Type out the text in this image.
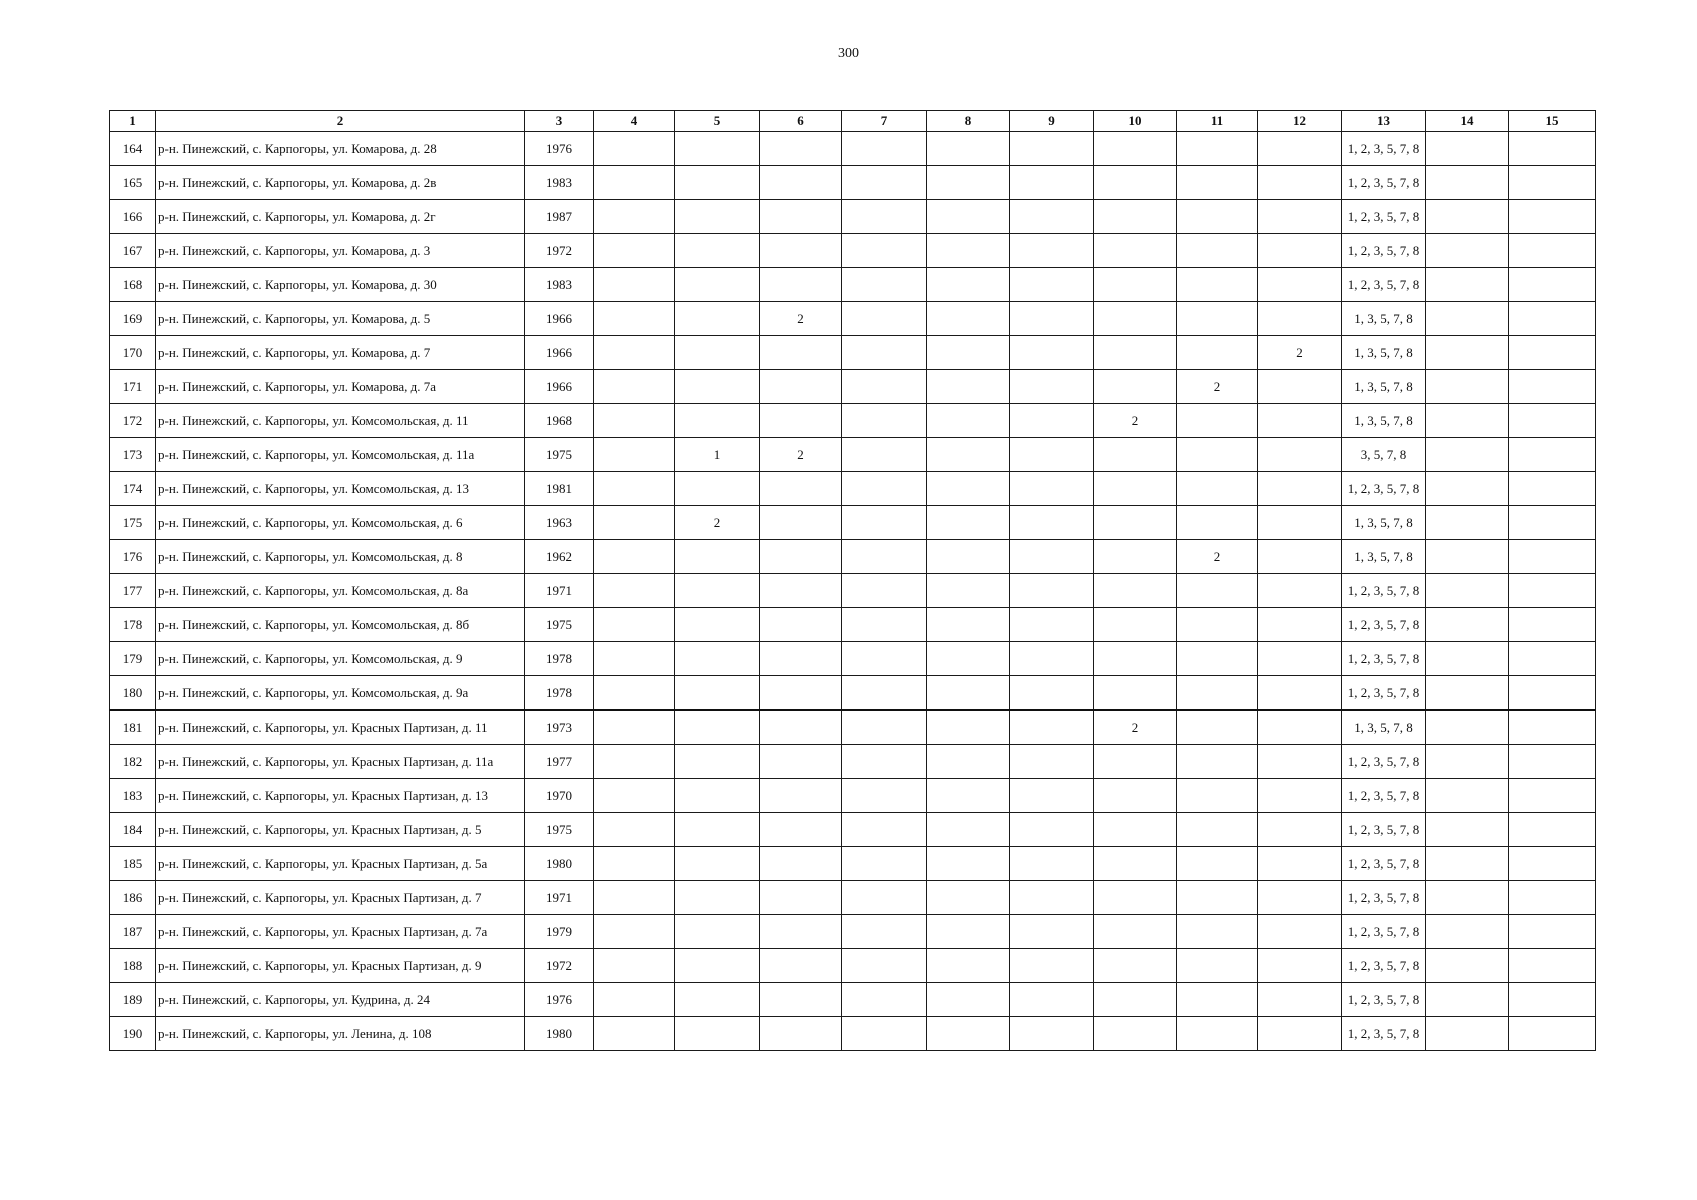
300
1	2	3	4	5	6	7	8	9	10	11	12	13	14	15
164	р-н. Пинежский, с. Карпогоры, ул. Комарова, д. 28	1976										1, 2, 3, 5, 7, 8		
165	р-н. Пинежский, с. Карпогоры, ул. Комарова, д. 2в	1983										1, 2, 3, 5, 7, 8		
166	р-н. Пинежский, с. Карпогоры, ул. Комарова, д. 2г	1987										1, 2, 3, 5, 7, 8		
167	р-н. Пинежский, с. Карпогоры, ул. Комарова, д. 3	1972										1, 2, 3, 5, 7, 8		
168	р-н. Пинежский, с. Карпогоры, ул. Комарова, д. 30	1983										1, 2, 3, 5, 7, 8		
169	р-н. Пинежский, с. Карпогоры, ул. Комарова, д. 5	1966			2							1, 3, 5, 7, 8		
170	р-н. Пинежский, с. Карпогоры, ул. Комарова, д. 7	1966									2	1, 3, 5, 7, 8		
171	р-н. Пинежский, с. Карпогоры, ул. Комарова, д. 7а	1966								2		1, 3, 5, 7, 8		
172	р-н. Пинежский, с. Карпогоры, ул. Комсомольская, д. 11	1968							2			1, 3, 5, 7, 8		
173	р-н. Пинежский, с. Карпогоры, ул. Комсомольская, д. 11а	1975		1	2							3, 5, 7, 8		
174	р-н. Пинежский, с. Карпогоры, ул. Комсомольская, д. 13	1981										1, 2, 3, 5, 7, 8		
175	р-н. Пинежский, с. Карпогоры, ул. Комсомольская, д. 6	1963		2								1, 3, 5, 7, 8		
176	р-н. Пинежский, с. Карпогоры, ул. Комсомольская, д. 8	1962								2		1, 3, 5, 7, 8		
177	р-н. Пинежский, с. Карпогоры, ул. Комсомольская, д. 8а	1971										1, 2, 3, 5, 7, 8		
178	р-н. Пинежский, с. Карпогоры, ул. Комсомольская, д. 8б	1975										1, 2, 3, 5, 7, 8		
179	р-н. Пинежский, с. Карпогоры, ул. Комсомольская, д. 9	1978										1, 2, 3, 5, 7, 8		
180	р-н. Пинежский, с. Карпогоры, ул. Комсомольская, д. 9а	1978										1, 2, 3, 5, 7, 8		
181	р-н. Пинежский, с. Карпогоры, ул. Красных Партизан, д. 11	1973							2			1, 3, 5, 7, 8		
182	р-н. Пинежский, с. Карпогоры, ул. Красных Партизан, д. 11а	1977										1, 2, 3, 5, 7, 8		
183	р-н. Пинежский, с. Карпогоры, ул. Красных Партизан, д. 13	1970										1, 2, 3, 5, 7, 8		
184	р-н. Пинежский, с. Карпогоры, ул. Красных Партизан, д. 5	1975										1, 2, 3, 5, 7, 8		
185	р-н. Пинежский, с. Карпогоры, ул. Красных Партизан, д. 5а	1980										1, 2, 3, 5, 7, 8		
186	р-н. Пинежский, с. Карпогоры, ул. Красных Партизан, д. 7	1971										1, 2, 3, 5, 7, 8		
187	р-н. Пинежский, с. Карпогоры, ул. Красных Партизан, д. 7а	1979										1, 2, 3, 5, 7, 8		
188	р-н. Пинежский, с. Карпогоры, ул. Красных Партизан, д. 9	1972										1, 2, 3, 5, 7, 8		
189	р-н. Пинежский, с. Карпогоры, ул. Кудрина, д. 24	1976										1, 2, 3, 5, 7, 8		
190	р-н. Пинежский, с. Карпогоры, ул. Ленина, д. 108	1980										1, 2, 3, 5, 7, 8		
